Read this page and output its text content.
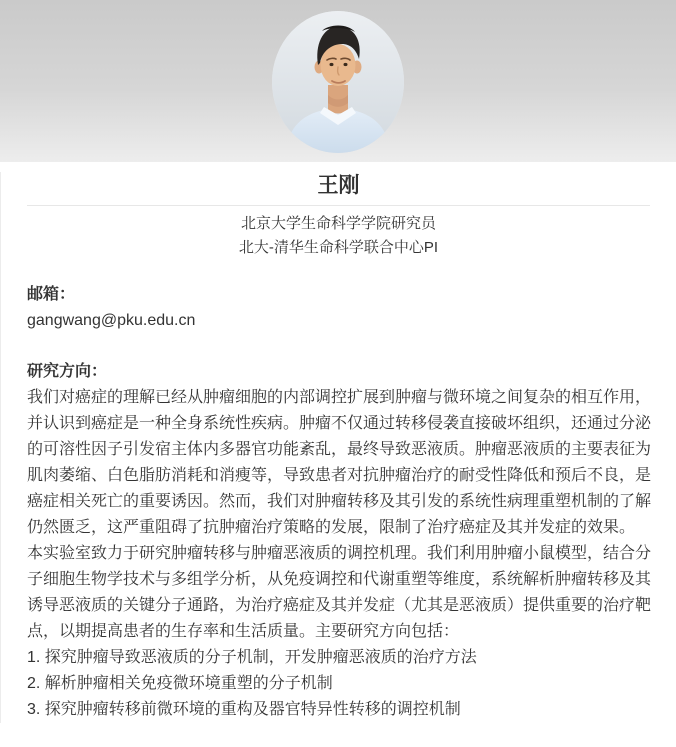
王刚

北京大学生命科学学院研究员

北大-清华生命科学联合中心PI

邮箱：

gangwang@pku.edu.cn

研究方向：

我们对癌症的理解已经从肿瘤细胞的内部调控扩展到肿瘤与微环境之间复杂的相互作用，并认识到癌症是一种全身系统性疾病。肿瘤不仅通过转移侵袭直接破坏组织，还通过分泌的可溶性因子引发宿主体内多器官功能紊乱，最终导致恶液质。肿瘤恶液质的主要表征为肌肉萎缩、白色脂肪消耗和消瘦等，导致患者对抗肿瘤治疗的耐受性降低和预后不良，是癌症相关死亡的重要诱因。然而，我们对肿瘤转移及其引发的系统性病理重塑机制的了解仍然匮乏，这严重阻碍了抗肿瘤治疗策略的发展，限制了治疗癌症及其并发症的效果。

本实验室致力于研究肿瘤转移与肿瘤恶液质的调控机理。我们利用肿瘤小鼠模型，结合分子细胞生物学技术与多组学分析，从免疫调控和代谢重塑等维度，系统解析肿瘤转移及其诱导恶液质的关键分子通路，为治疗癌症及其并发症（尤其是恶液质）提供重要的治疗靶点，以期提高患者的生存率和生活质量。主要研究方向包括：

1. 探究肿瘤导致恶液质的分子机制，开发肿瘤恶液质的治疗方法

2. 解析肿瘤相关免疫微环境重塑的分子机制

3. 探究肿瘤转移前微环境的重构及器官特异性转移的调控机制
